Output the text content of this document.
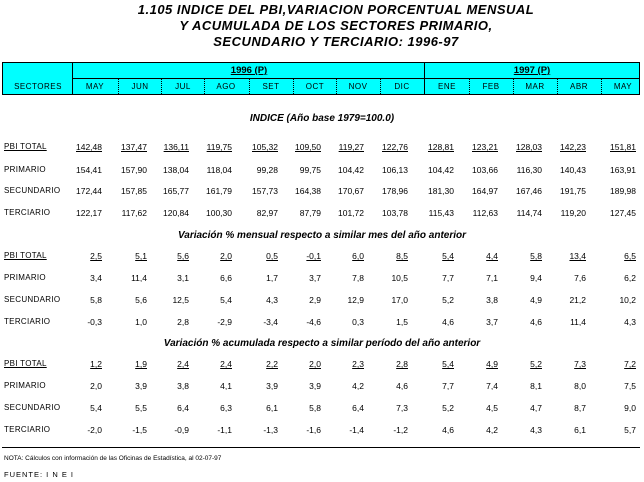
1.105 INDICE DEL PBI,VARIACION PORCENTUAL MENSUAL
Y ACUMULADA DE LOS SECTORES PRIMARIO,
SECUNDARIO Y TERCIARIO: 1996-97
SECTORES
1996 (P)	1997 (P)
MAY	JUN	JUL	AGO	SET	OCT	NOV	DIC	ENE	FEB	MAR	ABR	MAY
INDICE (Año base 1979=100.0)
PBI TOTAL	142,48	137,47	136,11	119,75	105,32	109,50	119,27	122,76	128,81	123,21	128,03	142,23	151,81
PRIMARIO	154,41	157,90	138,04	118,04	99,28	99,75	104,42	106,13	104,42	103,66	116,30	140,43	163,91
SECUNDARIO	172,44	157,85	165,77	161,79	157,73	164,38	170,67	178,96	181,30	164,97	167,46	191,75	189,98
TERCIARIO	122,17	117,62	120,84	100,30	82,97	87,79	101,72	103,78	115,43	112,63	114,74	119,20	127,45
Variación % mensual respecto a similar mes del año anterior
PBI TOTAL	2,5	5,1	5,6	2,0	0,5	-0,1	6,0	8,5	5,4	4,4	5,8	13,4	6,5
PRIMARIO	3,4	11,4	3,1	6,6	1,7	3,7	7,8	10,5	7,7	7,1	9,4	7,6	6,2
SECUNDARIO	5,8	5,6	12,5	5,4	4,3	2,9	12,9	17,0	5,2	3,8	4,9	21,2	10,2
TERCIARIO	-0,3	1,0	2,8	-2,9	-3,4	-4,6	0,3	1,5	4,6	3,7	4,6	11,4	4,3
Variación % acumulada respecto a similar período del año anterior
PBI TOTAL	1,2	1,9	2,4	2,4	2,2	2,0	2,3	2,8	5,4	4,9	5,2	7,3	7,2
PRIMARIO	2,0	3,9	3,8	4,1	3,9	3,9	4,2	4,6	7,7	7,4	8,1	8,0	7,5
SECUNDARIO	5,4	5,5	6,4	6,3	6,1	5,8	6,4	7,3	5,2	4,5	4,7	8,7	9,0
TERCIARIO	-2,0	-1,5	-0,9	-1,1	-1,3	-1,6	-1,4	-1,2	4,6	4,2	4,3	6,1	5,7
NOTA: Cálculos con información de las Oficinas de Estadística, al 02-07-97
FUENTE: I N E I
